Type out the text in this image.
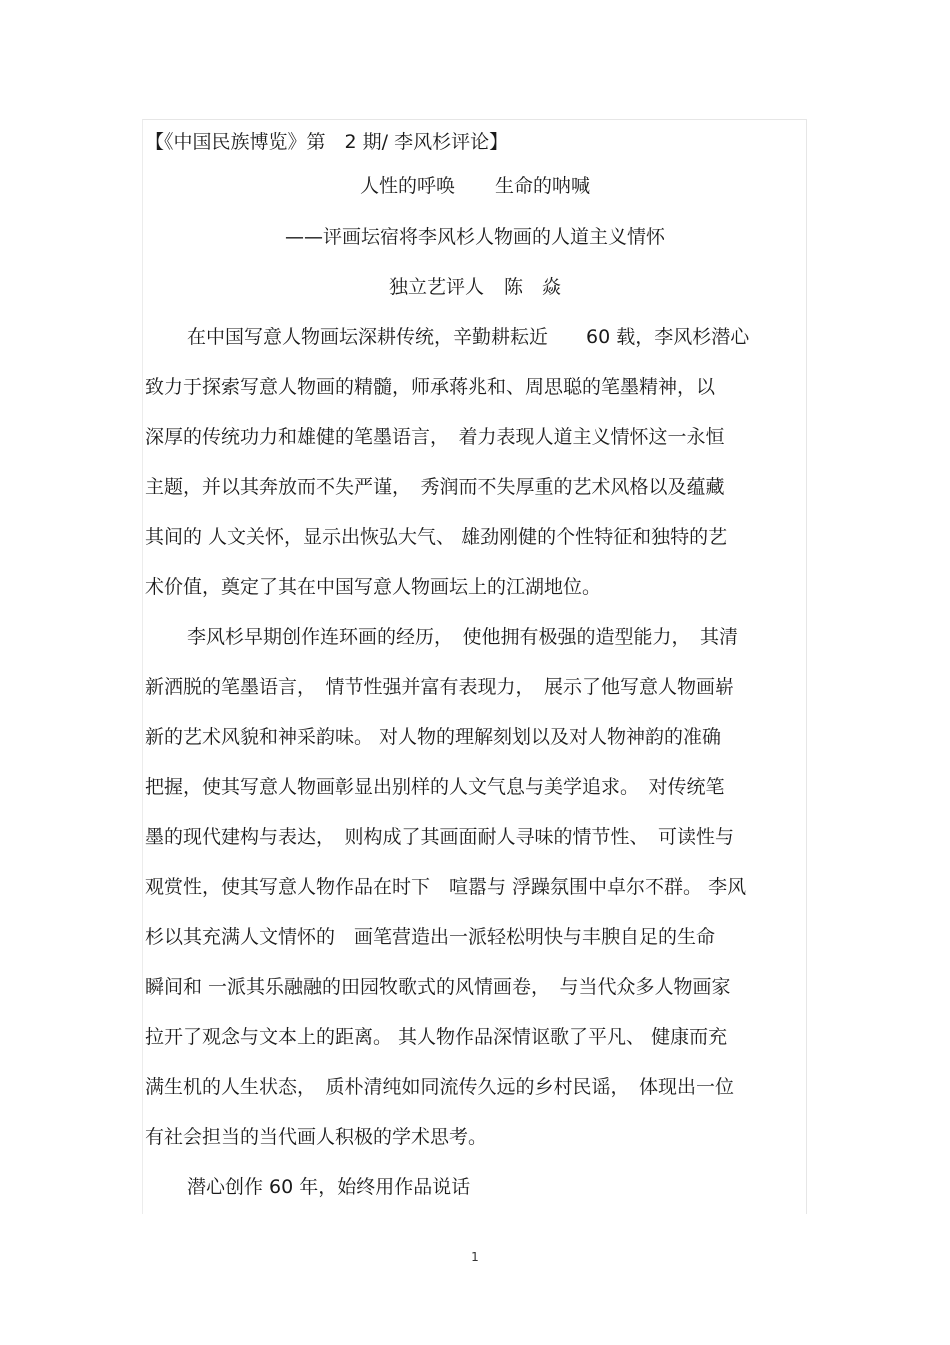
【《中国民族博览》第　2 期/ 李风杉评论】
人性的呼唤 生命的呐喊
——评画坛宿将李风杉人物画的人道主义情怀
独立艺评人 陈　焱
在中国写意人物画坛深耕传统，辛勤耕耘近　　60 载，李风杉潜心
致力于探索写意人物画的精髓，师承蒋兆和、周思聪的笔墨精神，以
深厚的传统功力和雄健的笔墨语言，　着力表现人道主义情怀这一永恒
主题，并以其奔放而不失严谨，　秀润而不失厚重的艺术风格以及蕴藏
其间的 人文关怀，显示出恢弘大气、 雄劲刚健的个性特征和独特的艺
术价值，奠定了其在中国写意人物画坛上的江湖地位。
李风杉早期创作连环画的经历，　使他拥有极强的造型能力，　其清
新洒脱的笔墨语言，　情节性强并富有表现力，　展示了他写意人物画崭
新的艺术风貌和神采韵味。 对人物的理解刻划以及对人物神韵的准确
把握，使其写意人物画彰显出别样的人文气息与美学追求。　对传统笔
墨的现代建构与表达，　则构成了其画面耐人寻味的情节性、　可读性与
观赏性，使其写意人物作品在时下　喧嚣与 浮躁氛围中卓尔不群。 李风
杉以其充满人文情怀的　画笔营造出一派轻松明快与丰腴自足的生命
瞬间和 一派其乐融融的田园牧歌式的风情画卷，　与当代众多人物画家
拉开了观念与文本上的距离。 其人物作品深情讴歌了平凡、 健康而充
满生机的人生状态，　质朴清纯如同流传久远的乡村民谣，　体现出一位
有社会担当的当代画人积极的学术思考。
潜心创作 60 年，始终用作品说话
1
